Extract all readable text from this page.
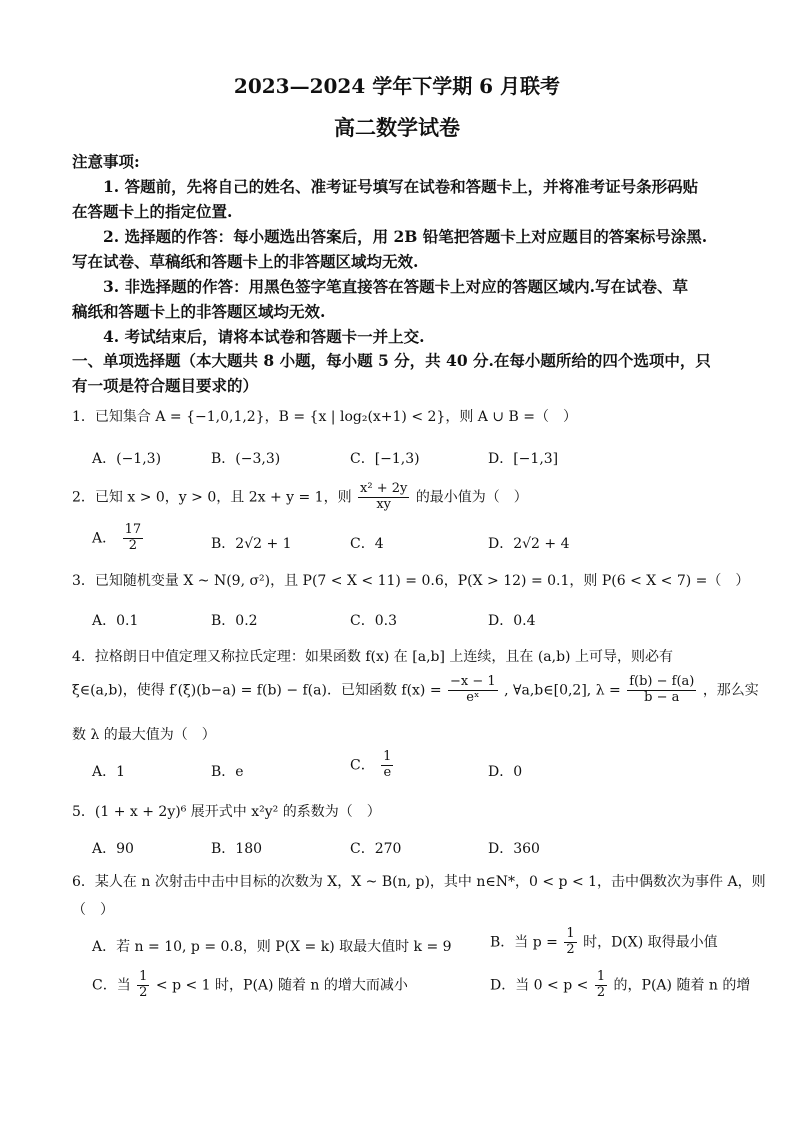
2023—2024 学年下学期 6 月联考
高二数学试卷
注意事项:
1. 答题前，先将自己的姓名、准考证号填写在试卷和答题卡上，并将准考证号条形码贴
在答题卡上的指定位置.
2. 选择题的作答：每小题选出答案后，用 2B 铅笔把答题卡上对应题目的答案标号涂黑.
写在试卷、草稿纸和答题卡上的非答题区域均无效.
3. 非选择题的作答：用黑色签字笔直接答在答题卡上对应的答题区域内.写在试卷、草
稿纸和答题卡上的非答题区域均无效.
4. 考试结束后，请将本试卷和答题卡一并上交.
一、单项选择题（本大题共 8 小题，每小题 5 分，共 40 分.在每小题所给的四个选项中，只
有一项是符合题目要求的）
1．已知集合 A = {−1,0,1,2}，B = {x | log₂(x+1) < 2}，则 A ∪ B =（　）
A．(−1,3)	B．(−3,3)	C．[−1,3)	D．[−1,3]
2．已知 x > 0，y > 0，且 2x + y = 1，则 $\frac{\text{x² + 2y}}{xy}$ 的最小值为（　）
A． $\frac{17}{2}$	B．2√2 + 1	C．4	D．2√2 + 4
3．已知随机变量 X ~ N(9, σ²)，且 P(7 < X < 11) = 0.6，P(X > 12) = 0.1，则 P(6 < X < 7) =（　）
A．0.1	B．0.2	C．0.3	D．0.4
4．拉格朗日中值定理又称拉氏定理：如果函数 f(x) 在 [a,b] 上连续，且在 (a,b) 上可导，则必有
ξ∈(a,b)，使得 f′(ξ)(b−a) = f(b) − f(a)．已知函数 $f(x) = \frac{-x - 1}{\text{eˣ}}$ , ∀a,b∈[0,2], $\lambda = \frac{f(b) - f(a)}{b - a}$ ，那么实
数 λ 的最大值为（　）
A．1	B．e	C． $\frac{1}{e}$	D．0
5．(1 + x + 2y)⁶ 展开式中 x²y² 的系数为（　）
A．90	B．180	C．270	D．360
6．某人在 n 次射击中击中目标的次数为 X，X ~ B(n, p)，其中 n∈N*，0 < p < 1，击中偶数次为事件 A，则
（　）
A．若 n = 10, p = 0.8，则 P(X = k) 取最大值时 k = 9	B．当 $p = \frac{1}{2}$ 时，D(X) 取得最小值
C．当 $\frac{1}{2} < p < 1$ 时，P(A) 随着 n 的增大而减小	D．当 $0 < p < \frac{1}{2}$ 的，P(A) 随着 n 的增
